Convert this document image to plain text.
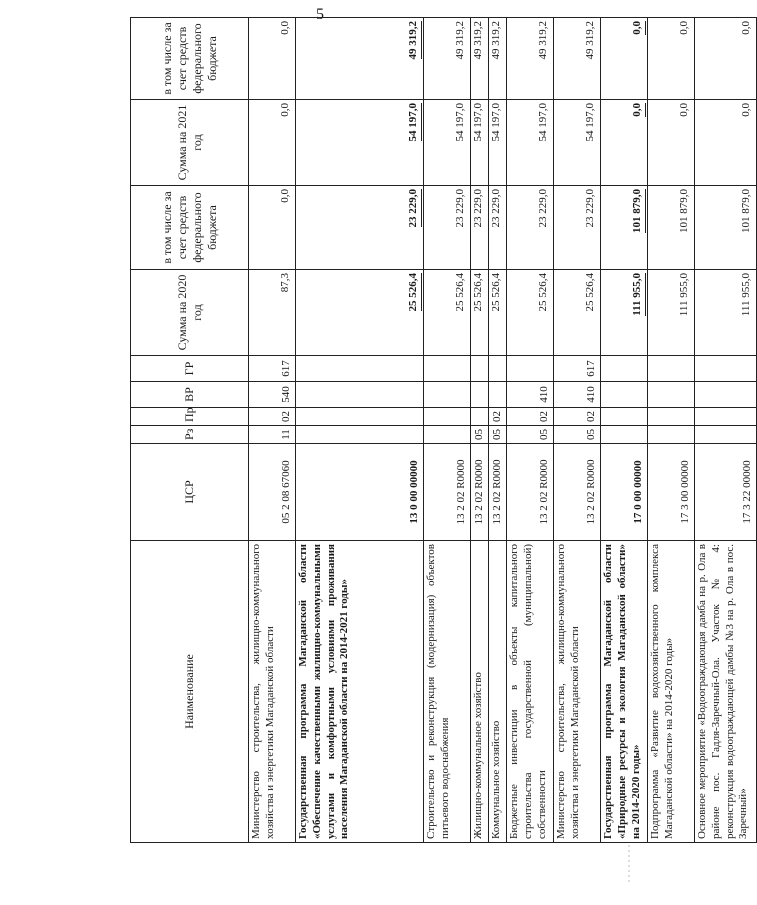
5
Наименование	ЦСР	Рз	Пр	ВР	ГР	Сумма на 2020 год	в том числе за счет средств федерального бюджета	Сумма на 2021 год	в том числе за счет средств федерального бюджета
Министерство строительства, жилищно-коммунального хозяйства и энергетики Магаданской области	05 2 08 67060	11	02	540	617	87,3	0,0	0,0	0,0
Государственная программа Магаданской области «Обеспечение качественными жилищно-коммунальными услугами и комфортными условиями проживания населения Магаданской области на 2014-2021 годы»	13 0 00 00000					25 526,4	23 229,0	54 197,0	49 319,2
Строительство и реконструкция (модернизация) объектов питьевого водоснабжения	13 2 02 R0000					25 526,4	23 229,0	54 197,0	49 319,2
Жилищно-коммунальное хозяйство	13 2 02 R0000	05				25 526,4	23 229,0	54 197,0	49 319,2
Коммунальное хозяйство	13 2 02 R0000	05	02			25 526,4	23 229,0	54 197,0	49 319,2
Бюджетные инвестиции в объекты капитального строительства государственной (муниципальной) собственности	13 2 02 R0000	05	02	410		25 526,4	23 229,0	54 197,0	49 319,2
Министерство строительства, жилищно-коммунального хозяйства и энергетики Магаданской области	13 2 02 R0000	05	02	410	617	25 526,4	23 229,0	54 197,0	49 319,2
Государственная программа Магаданской области «Природные ресурсы и экология Магаданской области» на 2014-2020 годы»	17 0 00 00000					111 955,0	101 879,0	0,0	0,0
Подпрограмма «Развитие водохозяйственного комплекса Магаданской области» на 2014-2020 годы»	17 3 00 00000					111 955,0	101 879,0	0,0	0,0
Основное мероприятие «Водоограждающая дамба на р. Ола в районе пос. Гадля-Заречный-Ола. Участок № 4: реконструкция водоограждающей дамбы №3 на р. Ола в пос. Заречный»	17 3 22 00000					111 955,0	101 879,0	0,0	0,0
